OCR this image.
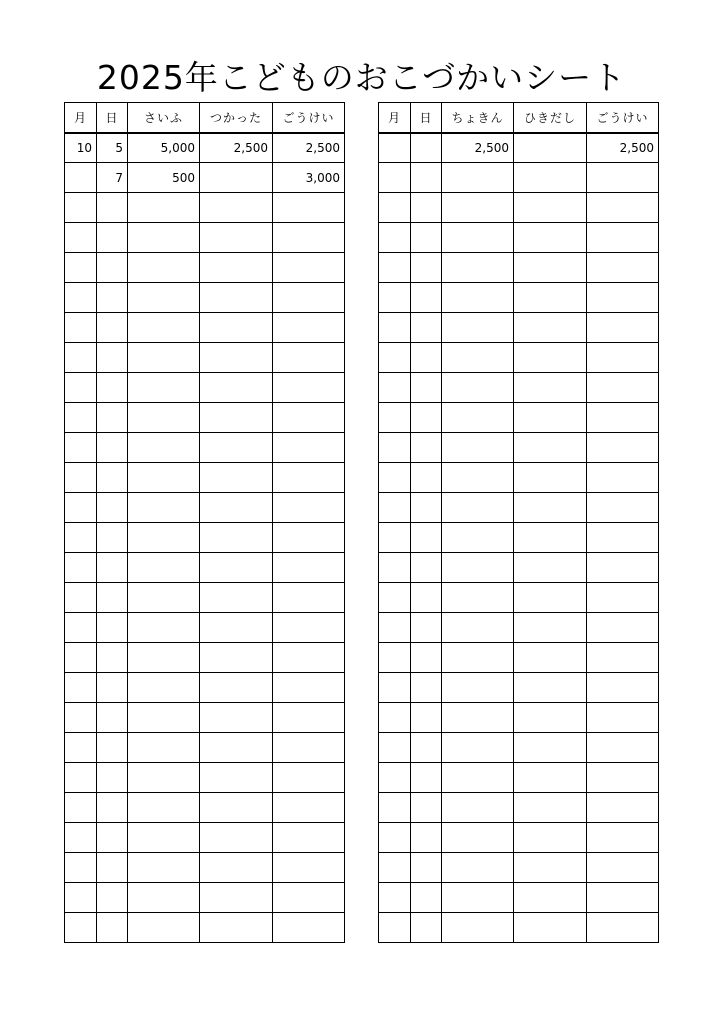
2025年こどものおこづかいシート
月	日	さいふ	つかった	ごうけい
10	5	5,000	2,500	2,500
	7	500		3,000

月	日	ちょきん	ひきだし	ごうけい
		2,500		2,500
